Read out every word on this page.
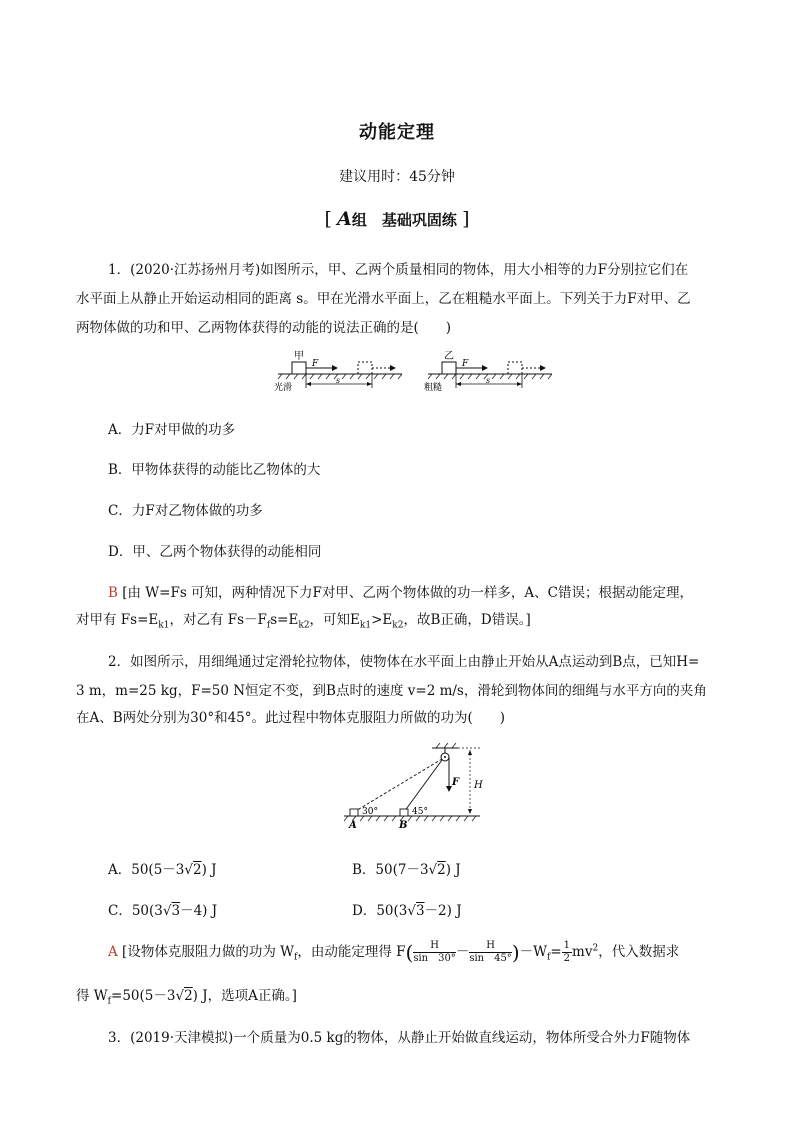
动能定理
建议用时：45分钟
[ A组　基础巩固练 ]
1．(2020·江苏扬州月考)如图所示，甲、乙两个质量相同的物体，用大小相等的力F分别拉它们在
水平面上从静止开始运动相同的距离 s。甲在光滑水平面上，乙在粗糙水平面上。下列关于力F对甲、乙
两物体做的功和甲、乙两物体获得的动能的说法正确的是(　　)
甲
F
s
光滑
乙
F
s
粗糙
A．力F对甲做的功多
B．甲物体获得的动能比乙物体的大
C．力F对乙物体做的功多
D．甲、乙两个物体获得的动能相同
B [由 W=Fs 可知，两种情况下力F对甲、乙两个物体做的功一样多，A、C错误；根据动能定理，
对甲有 $Fs=E_{k1}$，对乙有 $Fs-F_fs=E_{k2}$，可知$E_{k1}>E_{k2}$，故B正确，D错误。]
2．如图所示，用细绳通过定滑轮拉物体，使物体在水平面上由静止开始从A点运动到B点，已知H=
3 m，m=25 kg，F=50 N恒定不变，到B点时的速度 v=2 m/s，滑轮到物体间的细绳与水平方向的夹角
在A、B两处分别为30°和45°。此过程中物体克服阻力所做的功为(　　)
F H
30°	45°
A	B
A．50(5－3√2) J	B．50(7－3√2) J
C．50(3√3－4) J	D．50(3√3－2) J
A [设物体克服阻力做的功为 $W_f$，由动能定理得 $F( \frac{H}{\sin 30^\circ} - \frac{H}{\sin 45^\circ} )-W_f= \frac{1}{2} mv^2$，代入数据求
得 $W_f=50(5-3√2)$ J，选项A正确。]
3．(2019·天津模拟)一个质量为0.5 kg的物体，从静止开始做直线运动，物体所受合外力F随物体
